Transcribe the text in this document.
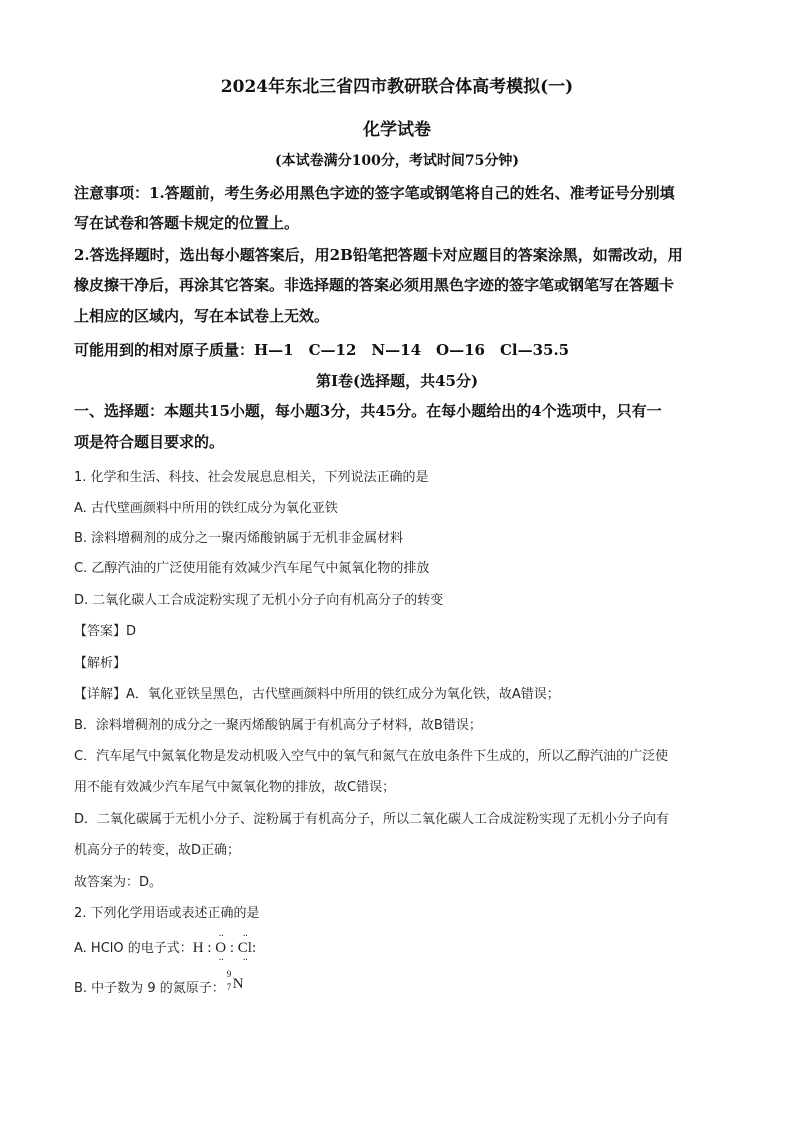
2024年东北三省四市教研联合体高考模拟(一)
化学试卷
(本试卷满分100分，考试时间75分钟)
注意事项：1.答题前，考生务必用黑色字迹的签字笔或钢笔将自己的姓名、准考证号分别填
写在试卷和答题卡规定的位置上。
2.答选择题时，选出每小题答案后，用2B铅笔把答题卡对应题目的答案涂黑，如需改动，用
橡皮擦干净后，再涂其它答案。非选择题的答案必须用黑色字迹的签字笔或钢笔写在答题卡
上相应的区域内，写在本试卷上无效。
可能用到的相对原子质量：H—1　C—12　N—14　O—16　Cl—35.5
第Ⅰ卷(选择题，共45分)
一、选择题：本题共15小题，每小题3分，共45分。在每小题给出的4个选项中，只有一
项是符合题目要求的。
1. 化学和生活、科技、社会发展息息相关，下列说法正确的是
A. 古代壁画颜料中所用的铁红成分为氧化亚铁
B. 涂料增稠剂的成分之一聚丙烯酸钠属于无机非金属材料
C. 乙醇汽油的广泛使用能有效减少汽车尾气中氮氧化物的排放
D. 二氧化碳人工合成淀粉实现了无机小分子向有机高分子的转变
【答案】D
【解析】
【详解】A．氧化亚铁呈黑色，古代壁画颜料中所用的铁红成分为氧化铁，故A错误；
B．涂料增稠剂的成分之一聚丙烯酸钠属于有机高分子材料，故B错误；
C．汽车尾气中氮氧化物是发动机吸入空气中的氧气和氮气在放电条件下生成的，所以乙醇汽油的广泛使
用不能有效减少汽车尾气中氮氧化物的排放，故C错误；
D．二氧化碳属于无机小分子、淀粉属于有机高分子，所以二氧化碳人工合成淀粉实现了无机小分子向有
机高分子的转变，故D正确；
故答案为：D。
2. 下列化学用语或表述正确的是
A. HClO 的电子式：H :
··
O
··
:
··
Cl
··
:
B. 中子数为 9 的氮原子：
9
7 N
